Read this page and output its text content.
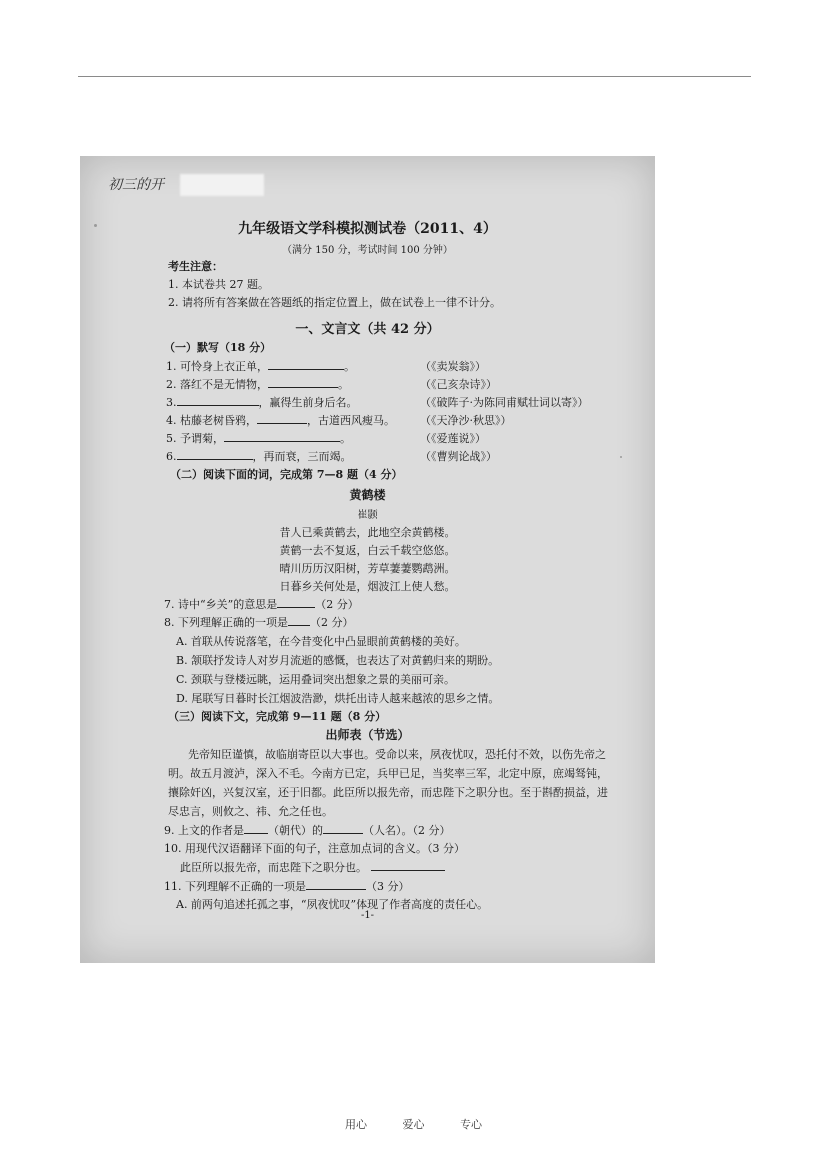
初三的开
九年级语文学科模拟测试卷（2011、4）
（满分 150 分，考试时间 100 分钟）
考生注意：
1. 本试卷共 27 题。
2. 请将所有答案做在答题纸的指定位置上，做在试卷上一律不计分。
一、文言文（共 42 分）
（一）默写（18 分）
1. 可怜身上衣正单，	。	（《卖炭翁》）
2. 落红不是无情物，	。	（《己亥杂诗》）
3.	，赢得生前身后名。	（《破阵子·为陈同甫赋壮词以寄》）
4. 枯藤老树昏鸦，	，古道西风瘦马。 （《天净沙·秋思》）
5. 予谓菊，	。	（《爱莲说》）
6.	，再而衰，三而竭。	（《曹刿论战》）
（二）阅读下面的词，完成第 7—8 题（4 分）
黄鹤楼
崔颢
昔人已乘黄鹤去，此地空余黄鹤楼。
黄鹤一去不复返，白云千载空悠悠。
晴川历历汉阳树，芳草萋萋鹦鹉洲。
日暮乡关何处是，烟波江上使人愁。
7. 诗中“乡关”的意思是	（2 分）
8. 下列理解正确的一项是 （2 分）
A. 首联从传说落笔，在今昔变化中凸显眼前黄鹤楼的美好。
B. 颔联抒发诗人对岁月流逝的感慨，也表达了对黄鹤归来的期盼。
C. 颈联与登楼远眺，运用叠词突出想象之景的美丽可亲。
D. 尾联写日暮时长江烟波浩渺，烘托出诗人越来越浓的思乡之情。
（三）阅读下文，完成第 9—11 题（8 分）
出师表（节选）
先帝知臣谨慎，故临崩寄臣以大事也。受命以来，夙夜忧叹，恐托付不效，以伤先帝之
明。故五月渡泸，深入不毛。今南方已定，兵甲已足，当奖率三军，北定中原，庶竭驽钝，
攘除奸凶，兴复汉室，还于旧都。此臣所以报先帝，而忠陛下之职分也。至于斟酌损益，进
尽忠言，则攸之、祎、允之任也。
9. 上文的作者是 （朝代）的	（人名）。（2 分）
10. 用现代汉语翻译下面的句子，注意加点词的含义。（3 分）
此臣所以报先帝，而忠陛下之职分也。
11. 下列理解不正确的一项是	（3 分）
A. 前两句追述托孤之事，“夙夜忧叹”体现了作者高度的责任心。
-1-
用心	爱心	专心
